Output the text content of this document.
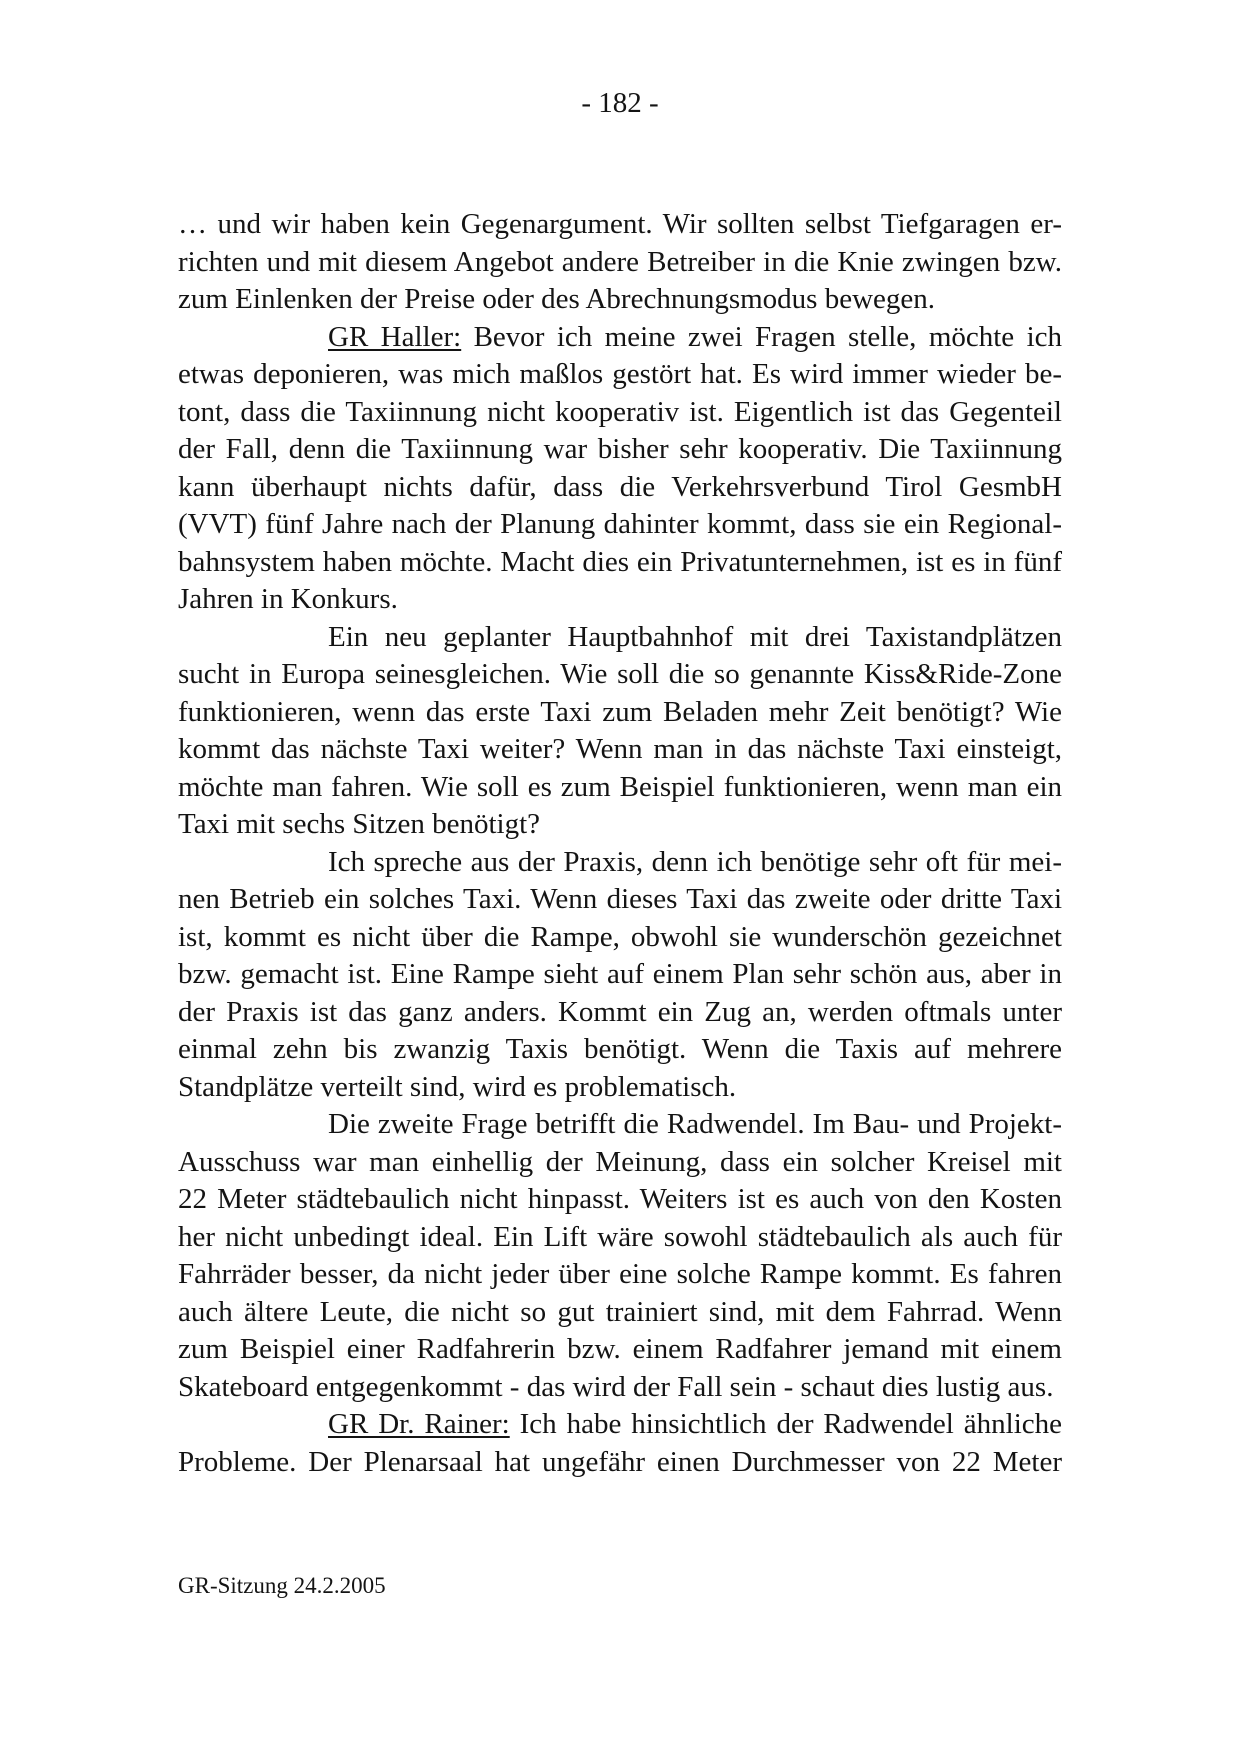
- 182 -
… und wir haben kein Gegenargument. Wir sollten selbst Tiefgaragen er-
richten und mit diesem Angebot andere Betreiber in die Knie zwingen bzw.
zum Einlenken der Preise oder des Abrechnungsmodus bewegen.
GR Haller: Bevor ich meine zwei Fragen stelle, möchte ich
etwas deponieren, was mich maßlos gestört hat. Es wird immer wieder be-
tont, dass die Taxiinnung nicht kooperativ ist. Eigentlich ist das Gegenteil
der Fall, denn die Taxiinnung war bisher sehr kooperativ. Die Taxiinnung
kann überhaupt nichts dafür, dass die Verkehrsverbund Tirol GesmbH
(VVT) fünf Jahre nach der Planung dahinter kommt, dass sie ein Regional-
bahnsystem haben möchte. Macht dies ein Privatunternehmen, ist es in fünf
Jahren in Konkurs.
Ein neu geplanter Hauptbahnhof mit drei Taxistandplätzen
sucht in Europa seinesgleichen. Wie soll die so genannte Kiss&Ride-Zone
funktionieren, wenn das erste Taxi zum Beladen mehr Zeit benötigt? Wie
kommt das nächste Taxi weiter? Wenn man in das nächste Taxi einsteigt,
möchte man fahren. Wie soll es zum Beispiel funktionieren, wenn man ein
Taxi mit sechs Sitzen benötigt?
Ich spreche aus der Praxis, denn ich benötige sehr oft für mei-
nen Betrieb ein solches Taxi. Wenn dieses Taxi das zweite oder dritte Taxi
ist, kommt es nicht über die Rampe, obwohl sie wunderschön gezeichnet
bzw. gemacht ist. Eine Rampe sieht auf einem Plan sehr schön aus, aber in
der Praxis ist das ganz anders. Kommt ein Zug an, werden oftmals unter
einmal zehn bis zwanzig Taxis benötigt. Wenn die Taxis auf mehrere
Standplätze verteilt sind, wird es problematisch.
Die zweite Frage betrifft die Radwendel. Im Bau- und Projekt-
Ausschuss war man einhellig der Meinung, dass ein solcher Kreisel mit
22 Meter städtebaulich nicht hinpasst. Weiters ist es auch von den Kosten
her nicht unbedingt ideal. Ein Lift wäre sowohl städtebaulich als auch für
Fahrräder besser, da nicht jeder über eine solche Rampe kommt. Es fahren
auch ältere Leute, die nicht so gut trainiert sind, mit dem Fahrrad. Wenn
zum Beispiel einer Radfahrerin bzw. einem Radfahrer jemand mit einem
Skateboard entgegenkommt - das wird der Fall sein - schaut dies lustig aus.
GR Dr. Rainer: Ich habe hinsichtlich der Radwendel ähnliche
Probleme. Der Plenarsaal hat ungefähr einen Durchmesser von 22 Meter
GR-Sitzung 24.2.2005
